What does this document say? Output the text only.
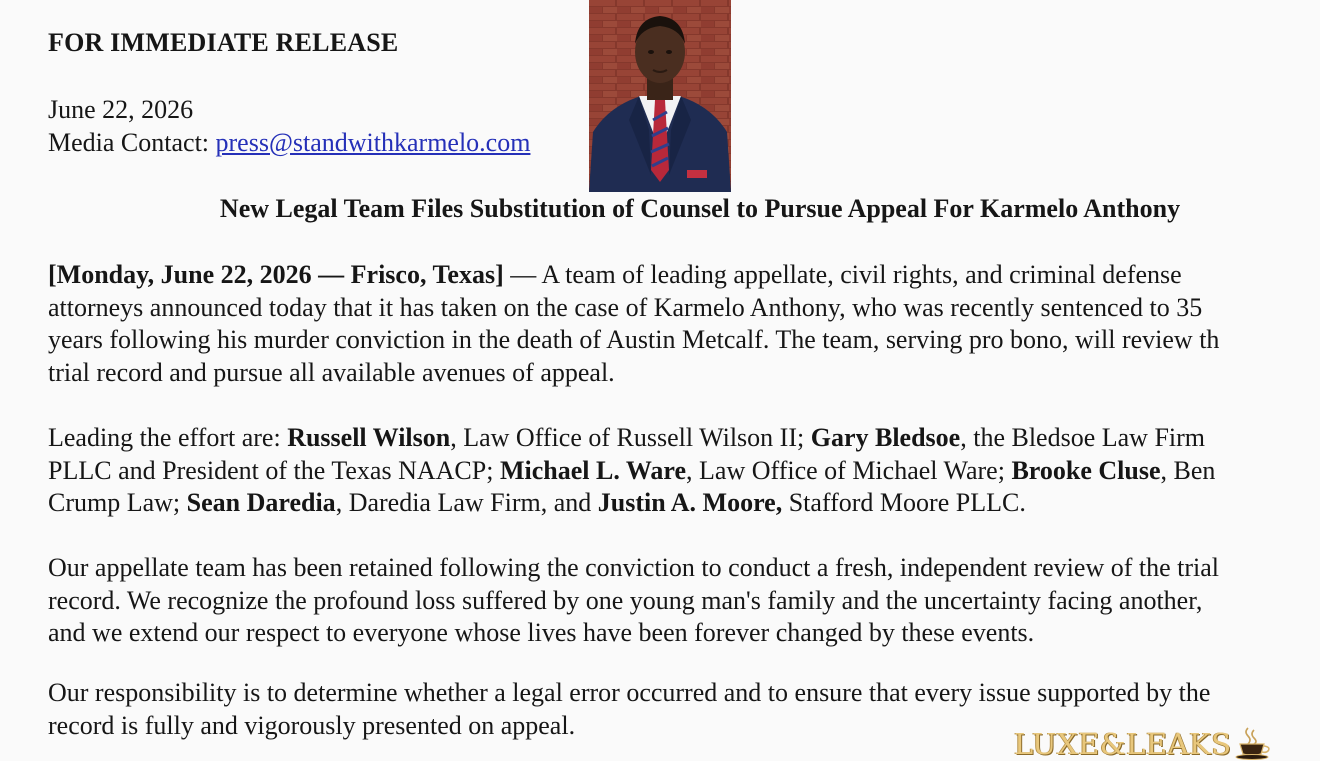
FOR IMMEDIATE RELEASE
June 22, 2026
Media Contact: press@standwithkarmelo.com
New Legal Team Files Substitution of Counsel to Pursue Appeal For Karmelo Anthony
[Monday, June 22, 2026 — Frisco, Texas] — A team of leading appellate, civil rights, and criminal defense
attorneys announced today that it has taken on the case of Karmelo Anthony, who was recently sentenced to 35
years following his murder conviction in the death of Austin Metcalf. The team, serving pro bono, will review th
trial record and pursue all available avenues of appeal.
Leading the effort are: Russell Wilson, Law Office of Russell Wilson II; Gary Bledsoe, the Bledsoe Law Firm
PLLC and President of the Texas NAACP; Michael L. Ware, Law Office of Michael Ware; Brooke Cluse, Ben
Crump Law; Sean Daredia, Daredia Law Firm, and Justin A. Moore, Stafford Moore PLLC.
Our appellate team has been retained following the conviction to conduct a fresh, independent review of the trial
record. We recognize the profound loss suffered by one young man's family and the uncertainty facing another,
and we extend our respect to everyone whose lives have been forever changed by these events.
Our responsibility is to determine whether a legal error occurred and to ensure that every issue supported by the
record is fully and vigorously presented on appeal.
LUXE&LEAKS
